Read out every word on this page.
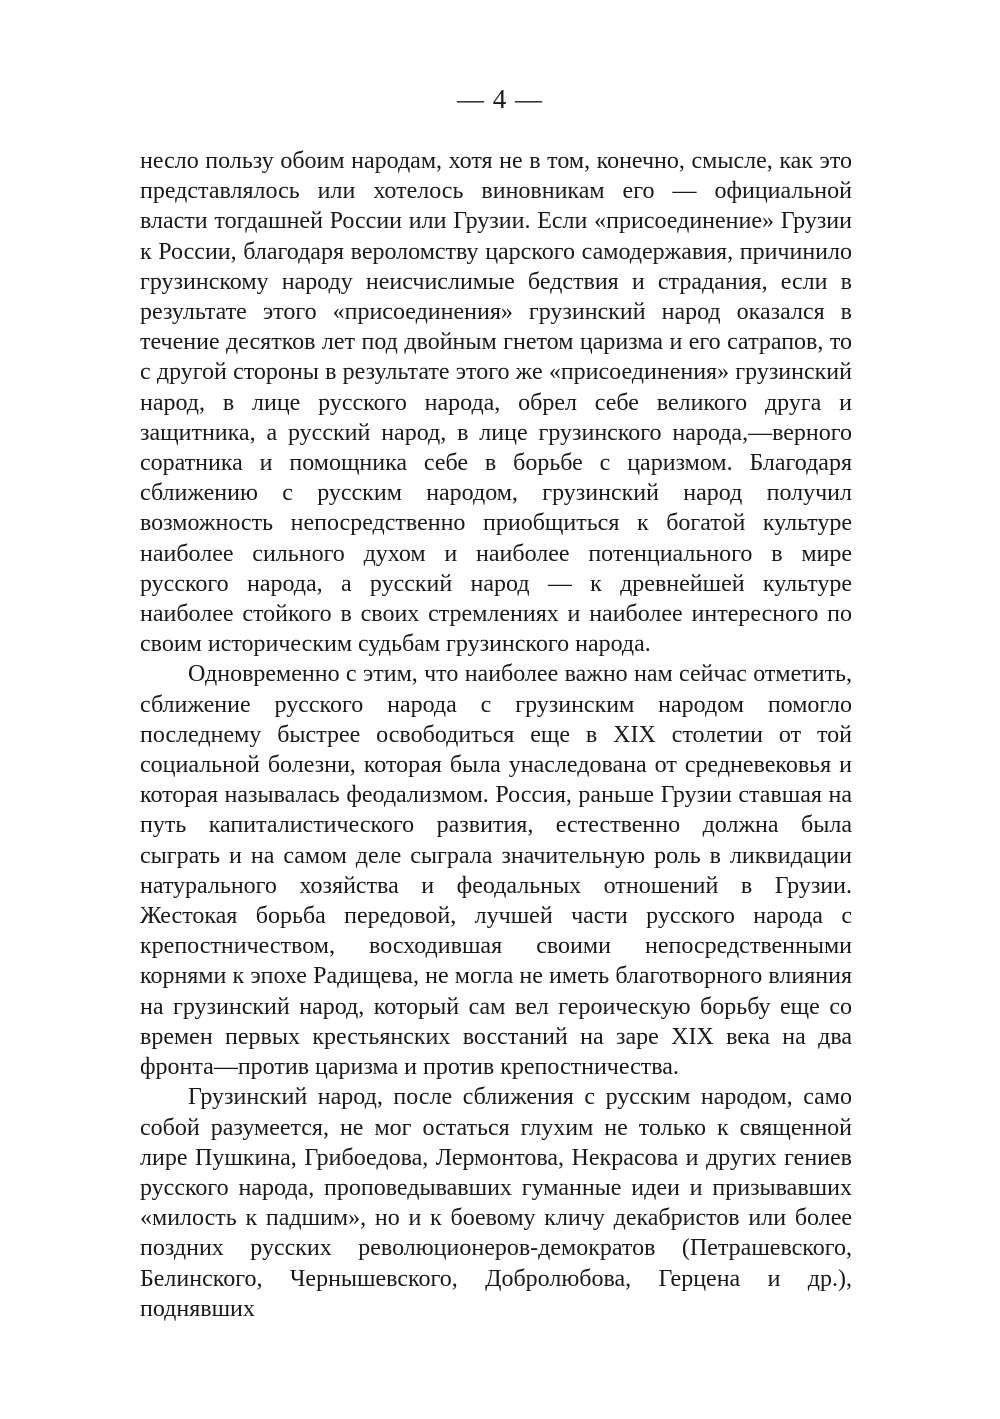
— 4 —

несло пользу обоим народам, хотя не в том, конечно, смысле, как это представлялось или хотелось виновникам его — официальной власти тогдашней России или Грузии. Если «присоединение» Грузии к России, благодаря вероломству царского самодержавия, причинило грузинскому народу неисчислимые бедствия и страдания, если в результате этого «присоединения» грузинский народ оказался в течение десятков лет под двойным гнетом царизма и его сатрапов, то с другой стороны в результате этого же «присоединения» грузинский народ, в лице русского народа, обрел себе великого друга и защитника, а русский народ, в лице грузинского народа,—верного соратника и помощника себе в борьбе с царизмом. Благодаря сближению с русским народом, грузинский народ получил возможность непосредственно приобщиться к богатой культуре наиболее сильного духом и наиболее потенциального в мире русского народа, а русский народ — к древнейшей культуре наиболее стойкого в своих стремлениях и наиболее интересного по своим историческим судьбам грузинского народа.

Одновременно с этим, что наиболее важно нам сейчас отметить, сближение русского народа с грузинским народом помогло последнему быстрее освободиться еще в XIX столетии от той социальной болезни, которая была унаследована от средневековья и которая называлась феодализмом. Россия, раньше Грузии ставшая на путь капиталистического развития, естественно должна была сыграть и на самом деле сыграла значительную роль в ликвидации натурального хозяйства и феодальных отношений в Грузии. Жестокая борьба передовой, лучшей части русского народа с крепостничеством, восходившая своими непосредственными корнями к эпохе Радищева, не могла не иметь благотворного влияния на грузинский народ, который сам вел героическую борьбу еще со времен первых крестьянских восстаний на заре XIX века на два фронта—против царизма и против крепостничества.

Грузинский народ, после сближения с русским народом, само собой разумеется, не мог остаться глухим не только к священной лире Пушкина, Грибоедова, Лермонтова, Некрасова и других гениев русского народа, проповедывавших гуманные идеи и призывавших «милость к падшим», но и к боевому кличу декабристов или более поздних русских революционеров-демократов (Петрашевского, Белинского, Чернышевского, Добролюбова, Герцена и др.), поднявших
